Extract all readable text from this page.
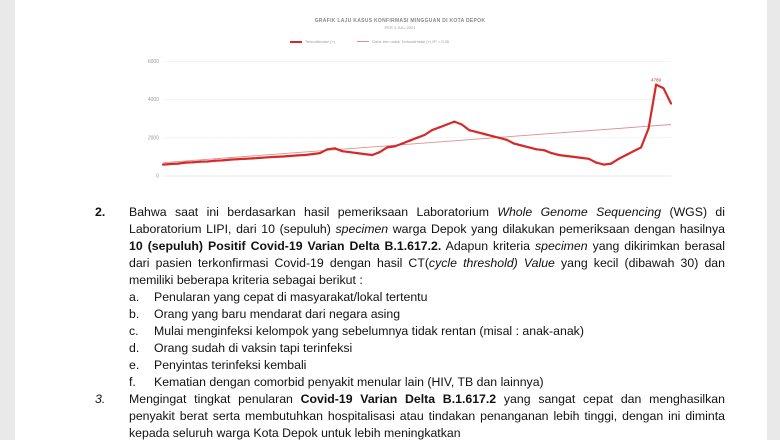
GRAFIK LAJU KASUS KONFIRMASI MINGGUAN DI KOTA DEPOK
PER 3 JULI 2021
Terkonfirmasi (+)	Garis tren untuk Terkonfirmasi (+) R² = 0,35
6000
4000
2000
0
4789
2. Bahwa saat ini berdasarkan hasil pemeriksaan Laboratorium Whole Genome Sequencing (WGS) di Laboratorium LIPI, dari 10 (sepuluh) specimen warga Depok yang dilakukan pemeriksaan dengan hasilnya 10 (sepuluh) Positif Covid-19 Varian Delta B.1.617.2. Adapun kriteria specimen yang dikirimkan berasal dari pasien terkonfirmasi Covid-19 dengan hasil CT(cycle threshold) Value yang kecil (dibawah 30) dan memiliki beberapa kriteria sebagai berikut :
a. Penularan yang cepat di masyarakat/lokal tertentu
b. Orang yang baru mendarat dari negara asing
c. Mulai menginfeksi kelompok yang sebelumnya tidak rentan (misal : anak-anak)
d. Orang sudah di vaksin tapi terinfeksi
e. Penyintas terinfeksi kembali
f. Kematian dengan comorbid penyakit menular lain (HIV, TB dan lainnya)
3. Mengingat tingkat penularan Covid-19 Varian Delta B.1.617.2 yang sangat cepat dan menghasilkan penyakit berat serta membutuhkan hospitalisasi atau tindakan penanganan lebih tinggi, dengan ini diminta kepada seluruh warga Kota Depok untuk lebih meningkatkan
